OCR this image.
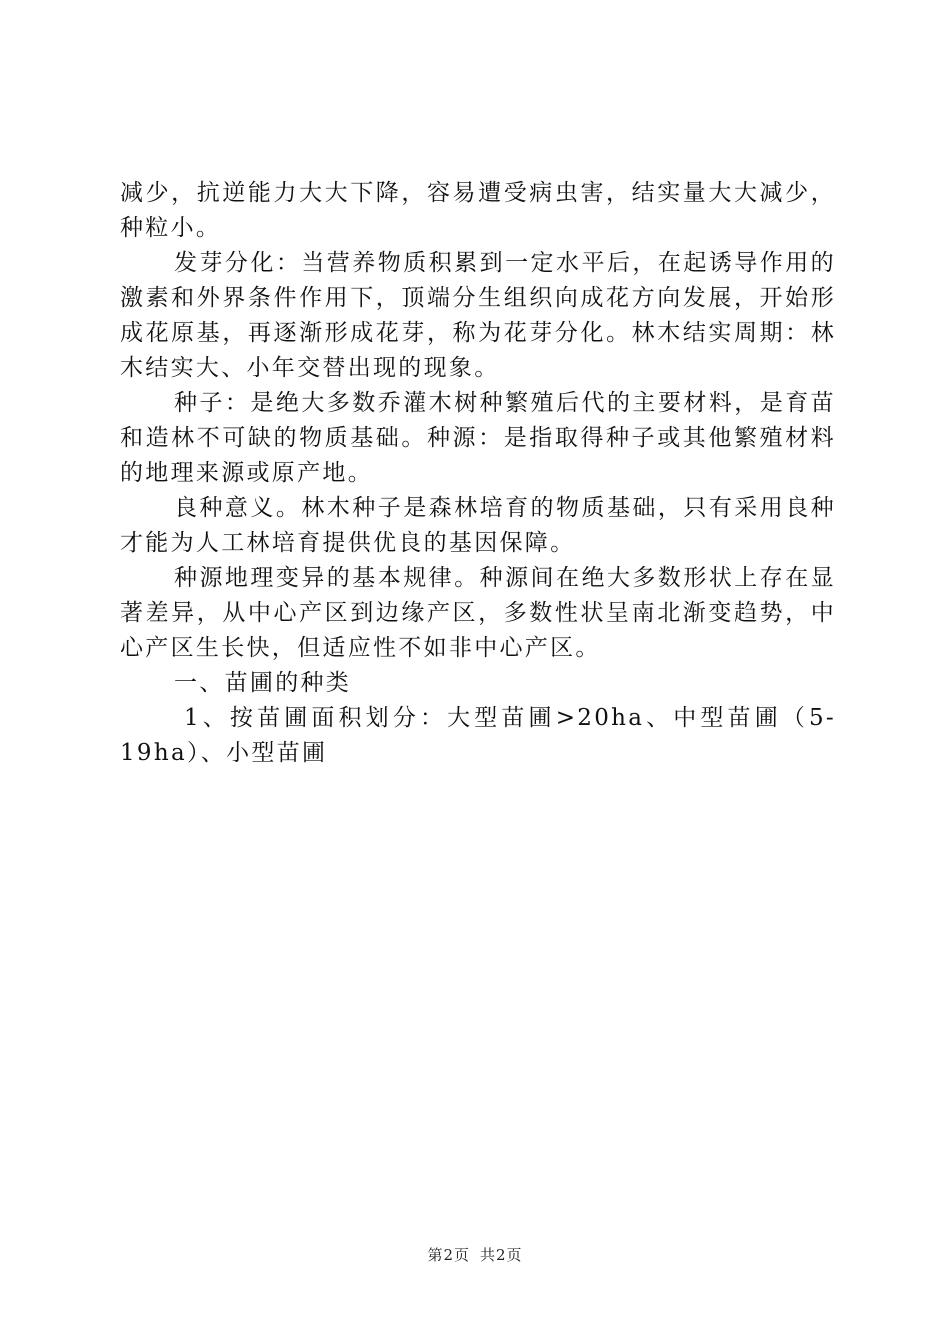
减少，抗逆能力大大下降，容易遭受病虫害，结实量大大减少，种粒小。

发芽分化：当营养物质积累到一定水平后，在起诱导作用的激素和外界条件作用下，顶端分生组织向成花方向发展，开始形成花原基，再逐渐形成花芽，称为花芽分化。林木结实周期：林木结实大、小年交替出现的现象。

种子：是绝大多数乔灌木树种繁殖后代的主要材料，是育苗和造林不可缺的物质基础。种源：是指取得种子或其他繁殖材料的地理来源或原产地。

良种意义。林木种子是森林培育的物质基础，只有采用良种才能为人工林培育提供优良的基因保障。

种源地理变异的基本规律。种源间在绝大多数形状上存在显著差异，从中心产区到边缘产区，多数性状呈南北渐变趋势，中心产区生长快，但适应性不如非中心产区。

一、苗圃的种类

1、按苗圃面积划分：大型苗圃>20ha、中型苗圃（5-19ha）、小型苗圃

第2页 共2页
